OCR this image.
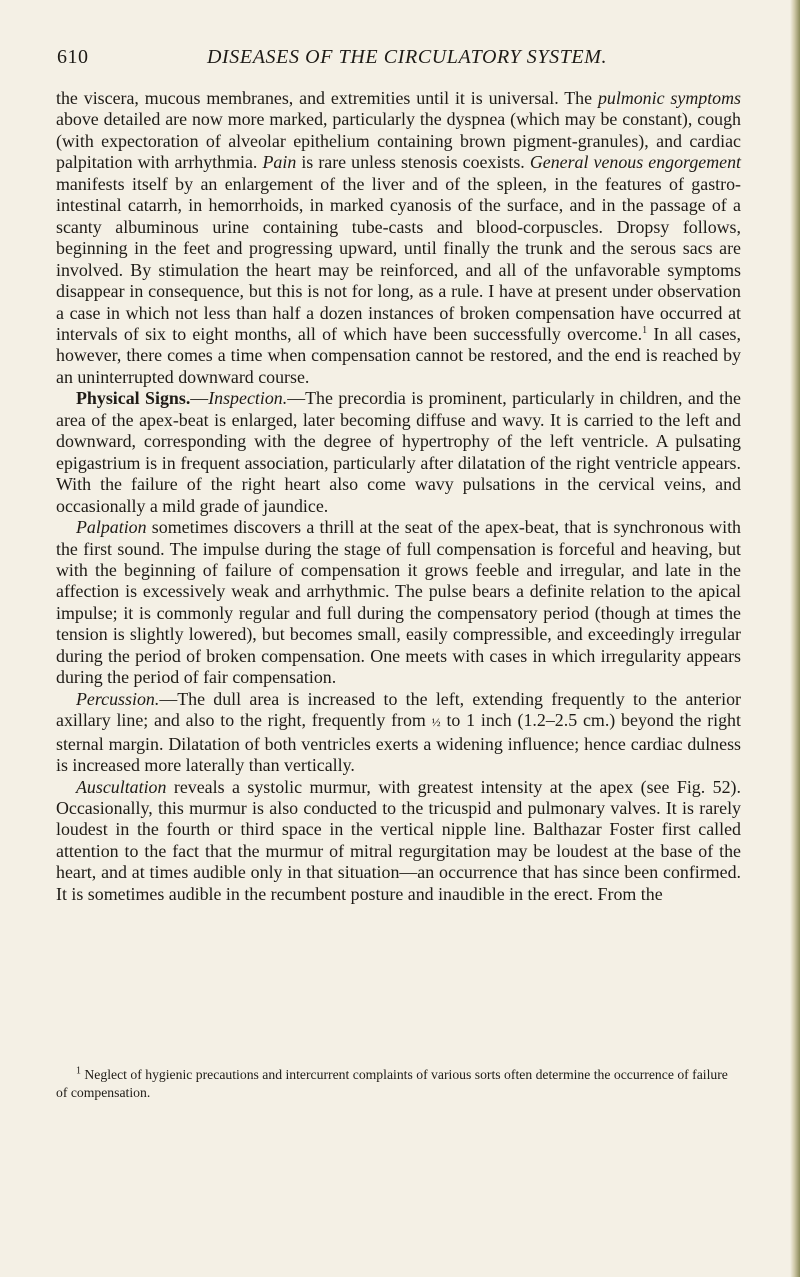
610	DISEASES OF THE CIRCULATORY SYSTEM.

the viscera, mucous membranes, and extremities until it is universal. The pulmonic symptoms above detailed are now more marked, particularly the dyspnea (which may be constant), cough (with expectoration of alveolar epithelium containing brown pigment-granules), and cardiac palpitation with arrhythmia. Pain is rare unless stenosis coexists. General venous engorgement manifests itself by an enlargement of the liver and of the spleen, in the features of gastro-intestinal catarrh, in hemorrhoids, in marked cyanosis of the surface, and in the passage of a scanty albuminous urine containing tube-casts and blood-corpuscles. Dropsy follows, beginning in the feet and progressing upward, until finally the trunk and the serous sacs are involved. By stimulation the heart may be reinforced, and all of the unfavorable symptoms disappear in consequence, but this is not for long, as a rule. I have at present under observation a case in which not less than half a dozen instances of broken compensation have occurred at intervals of six to eight months, all of which have been successfully overcome.$^1$ In all cases, however, there comes a time when compensation cannot be restored, and the end is reached by an uninterrupted downward course.

Physical Signs.—Inspection.—The precordia is prominent, particularly in children, and the area of the apex-beat is enlarged, later becoming diffuse and wavy. It is carried to the left and downward, corresponding with the degree of hypertrophy of the left ventricle. A pulsating epigastrium is in frequent association, particularly after dilatation of the right ventricle appears. With the failure of the right heart also come wavy pulsations in the cervical veins, and occasionally a mild grade of jaundice.

Palpation sometimes discovers a thrill at the seat of the apex-beat, that is synchronous with the first sound. The impulse during the stage of full compensation is forceful and heaving, but with the beginning of failure of compensation it grows feeble and irregular, and late in the affection is excessively weak and arrhythmic. The pulse bears a definite relation to the apical impulse; it is commonly regular and full during the compensatory period (though at times the tension is slightly lowered), but becomes small, easily compressible, and exceedingly irregular during the period of broken compensation. One meets with cases in which irregularity appears during the period of fair compensation.

Percussion.—The dull area is increased to the left, extending frequently to the anterior axillary line; and also to the right, frequently from ½ to 1 inch (1.2–2.5 cm.) beyond the right sternal margin. Dilatation of both ventricles exerts a widening influence; hence cardiac dulness is increased more laterally than vertically.

Auscultation reveals a systolic murmur, with greatest intensity at the apex (see Fig. 52). Occasionally, this murmur is also conducted to the tricuspid and pulmonary valves. It is rarely loudest in the fourth or third space in the vertical nipple line. Balthazar Foster first called attention to the fact that the murmur of mitral regurgitation may be loudest at the base of the heart, and at times audible only in that situation—an occurrence that has since been confirmed. It is sometimes audible in the recumbent posture and inaudible in the erect. From the

$^1$ Neglect of hygienic precautions and intercurrent complaints of various sorts often determine the occurrence of failure of compensation.
